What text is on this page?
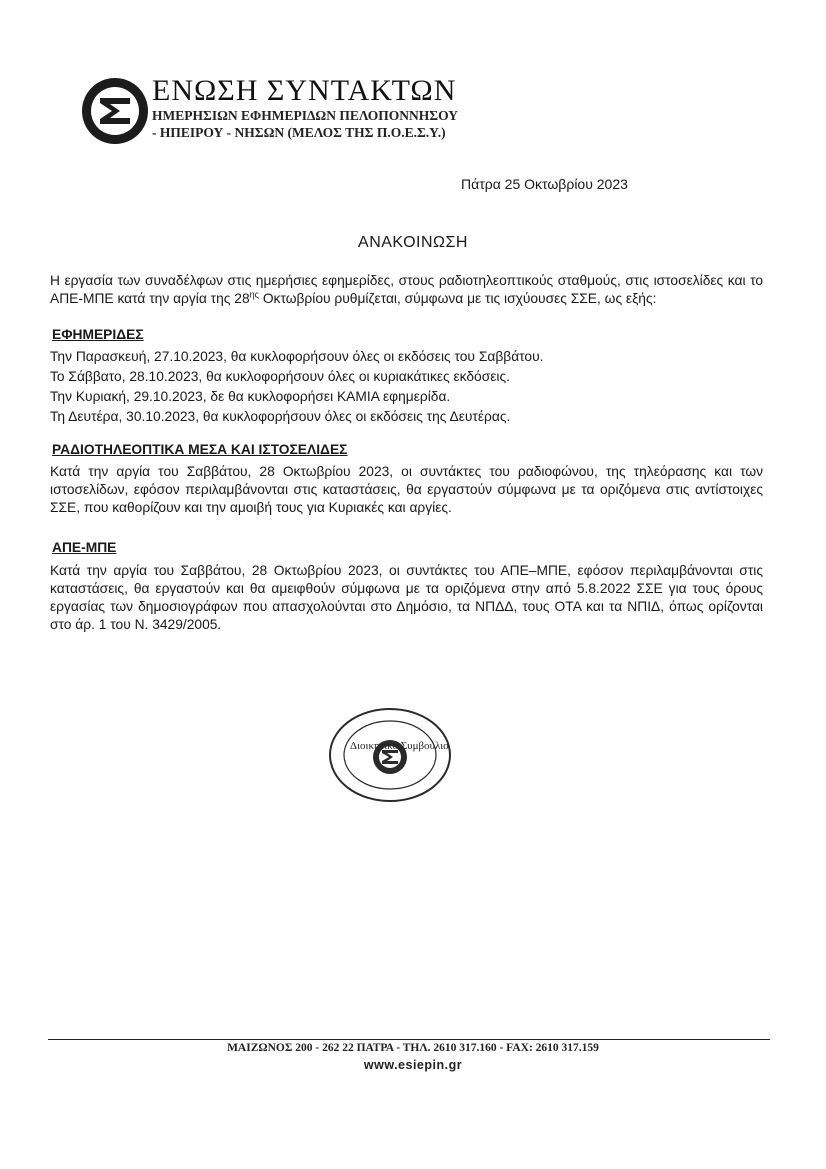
ΕΝΩΣΗ ΣΥΝΤΑΚΤΩΝ
ΗΜΕΡΗΣΙΩΝ ΕΦΗΜΕΡΙΔΩΝ ΠΕΛΟΠΟΝΝΗΣΟΥ
- ΗΠΕΙΡΟΥ - ΝΗΣΩΝ (ΜΕΛΟΣ ΤΗΣ Π.Ο.Ε.Σ.Υ.)
Πάτρα 25 Οκτωβρίου 2023
ΑΝΑΚΟΙΝΩΣΗ
Η εργασία των συναδέλφων στις ημερήσιες εφημερίδες, στους ραδιοτηλεοπτικούς σταθμούς, στις ιστοσελίδες και το ΑΠΕ-ΜΠΕ κατά την αργία της $28^{\eta\varsigma}$ Οκτωβρίου ρυθμίζεται, σύμφωνα με τις ισχύουσες ΣΣΕ, ως εξής:
ΕΦΗΜΕΡΙΔΕΣ
Την Παρασκευή, 27.10.2023, θα κυκλοφορήσουν όλες οι εκδόσεις του Σαββάτου.
Το Σάββατο, 28.10.2023, θα κυκλοφορήσουν όλες οι κυριακάτικες εκδόσεις.
Την Κυριακή, 29.10.2023, δε θα κυκλοφορήσει ΚΑΜΙΑ εφημερίδα.
Τη Δευτέρα, 30.10.2023, θα κυκλοφορήσουν όλες οι εκδόσεις της Δευτέρας.
ΡΑΔΙΟΤΗΛΕΟΠΤΙΚΑ ΜΕΣΑ ΚΑΙ ΙΣΤΟΣΕΛΙΔΕΣ
Κατά την αργία του Σαββάτου, 28 Οκτωβρίου 2023, οι συντάκτες του ραδιοφώνου, της τηλεόρασης και των ιστοσελίδων, εφόσον περιλαμβάνονται στις καταστάσεις, θα εργαστούν σύμφωνα με τα οριζόμενα στις αντίστοιχες ΣΣΕ, που καθορίζουν και την αμοιβή τους για Κυριακές και αργίες.
ΑΠΕ-ΜΠΕ
Κατά την αργία του Σαββάτου, 28 Οκτωβρίου 2023, οι συντάκτες του ΑΠΕ–ΜΠΕ, εφόσον περιλαμβάνονται στις καταστάσεις, θα εργαστούν και θα αμειφθούν σύμφωνα με τα οριζόμενα στην από 5.8.2022 ΣΣΕ για τους όρους εργασίας των δημοσιογράφων που απασχολούνται στο Δημόσιο, τα ΝΠΔΔ, τους ΟΤΑ και τα ΝΠΙΔ, όπως ορίζονται στο άρ. 1 του Ν. 3429/2005.
Διοικητικό Συμβούλιο
ΜΑΙΖΩΝΟΣ 200 - 262 22 ΠΑΤΡΑ - ΤΗΛ. 2610 317.160 - FAX: 2610 317.159
www.esiepin.gr
